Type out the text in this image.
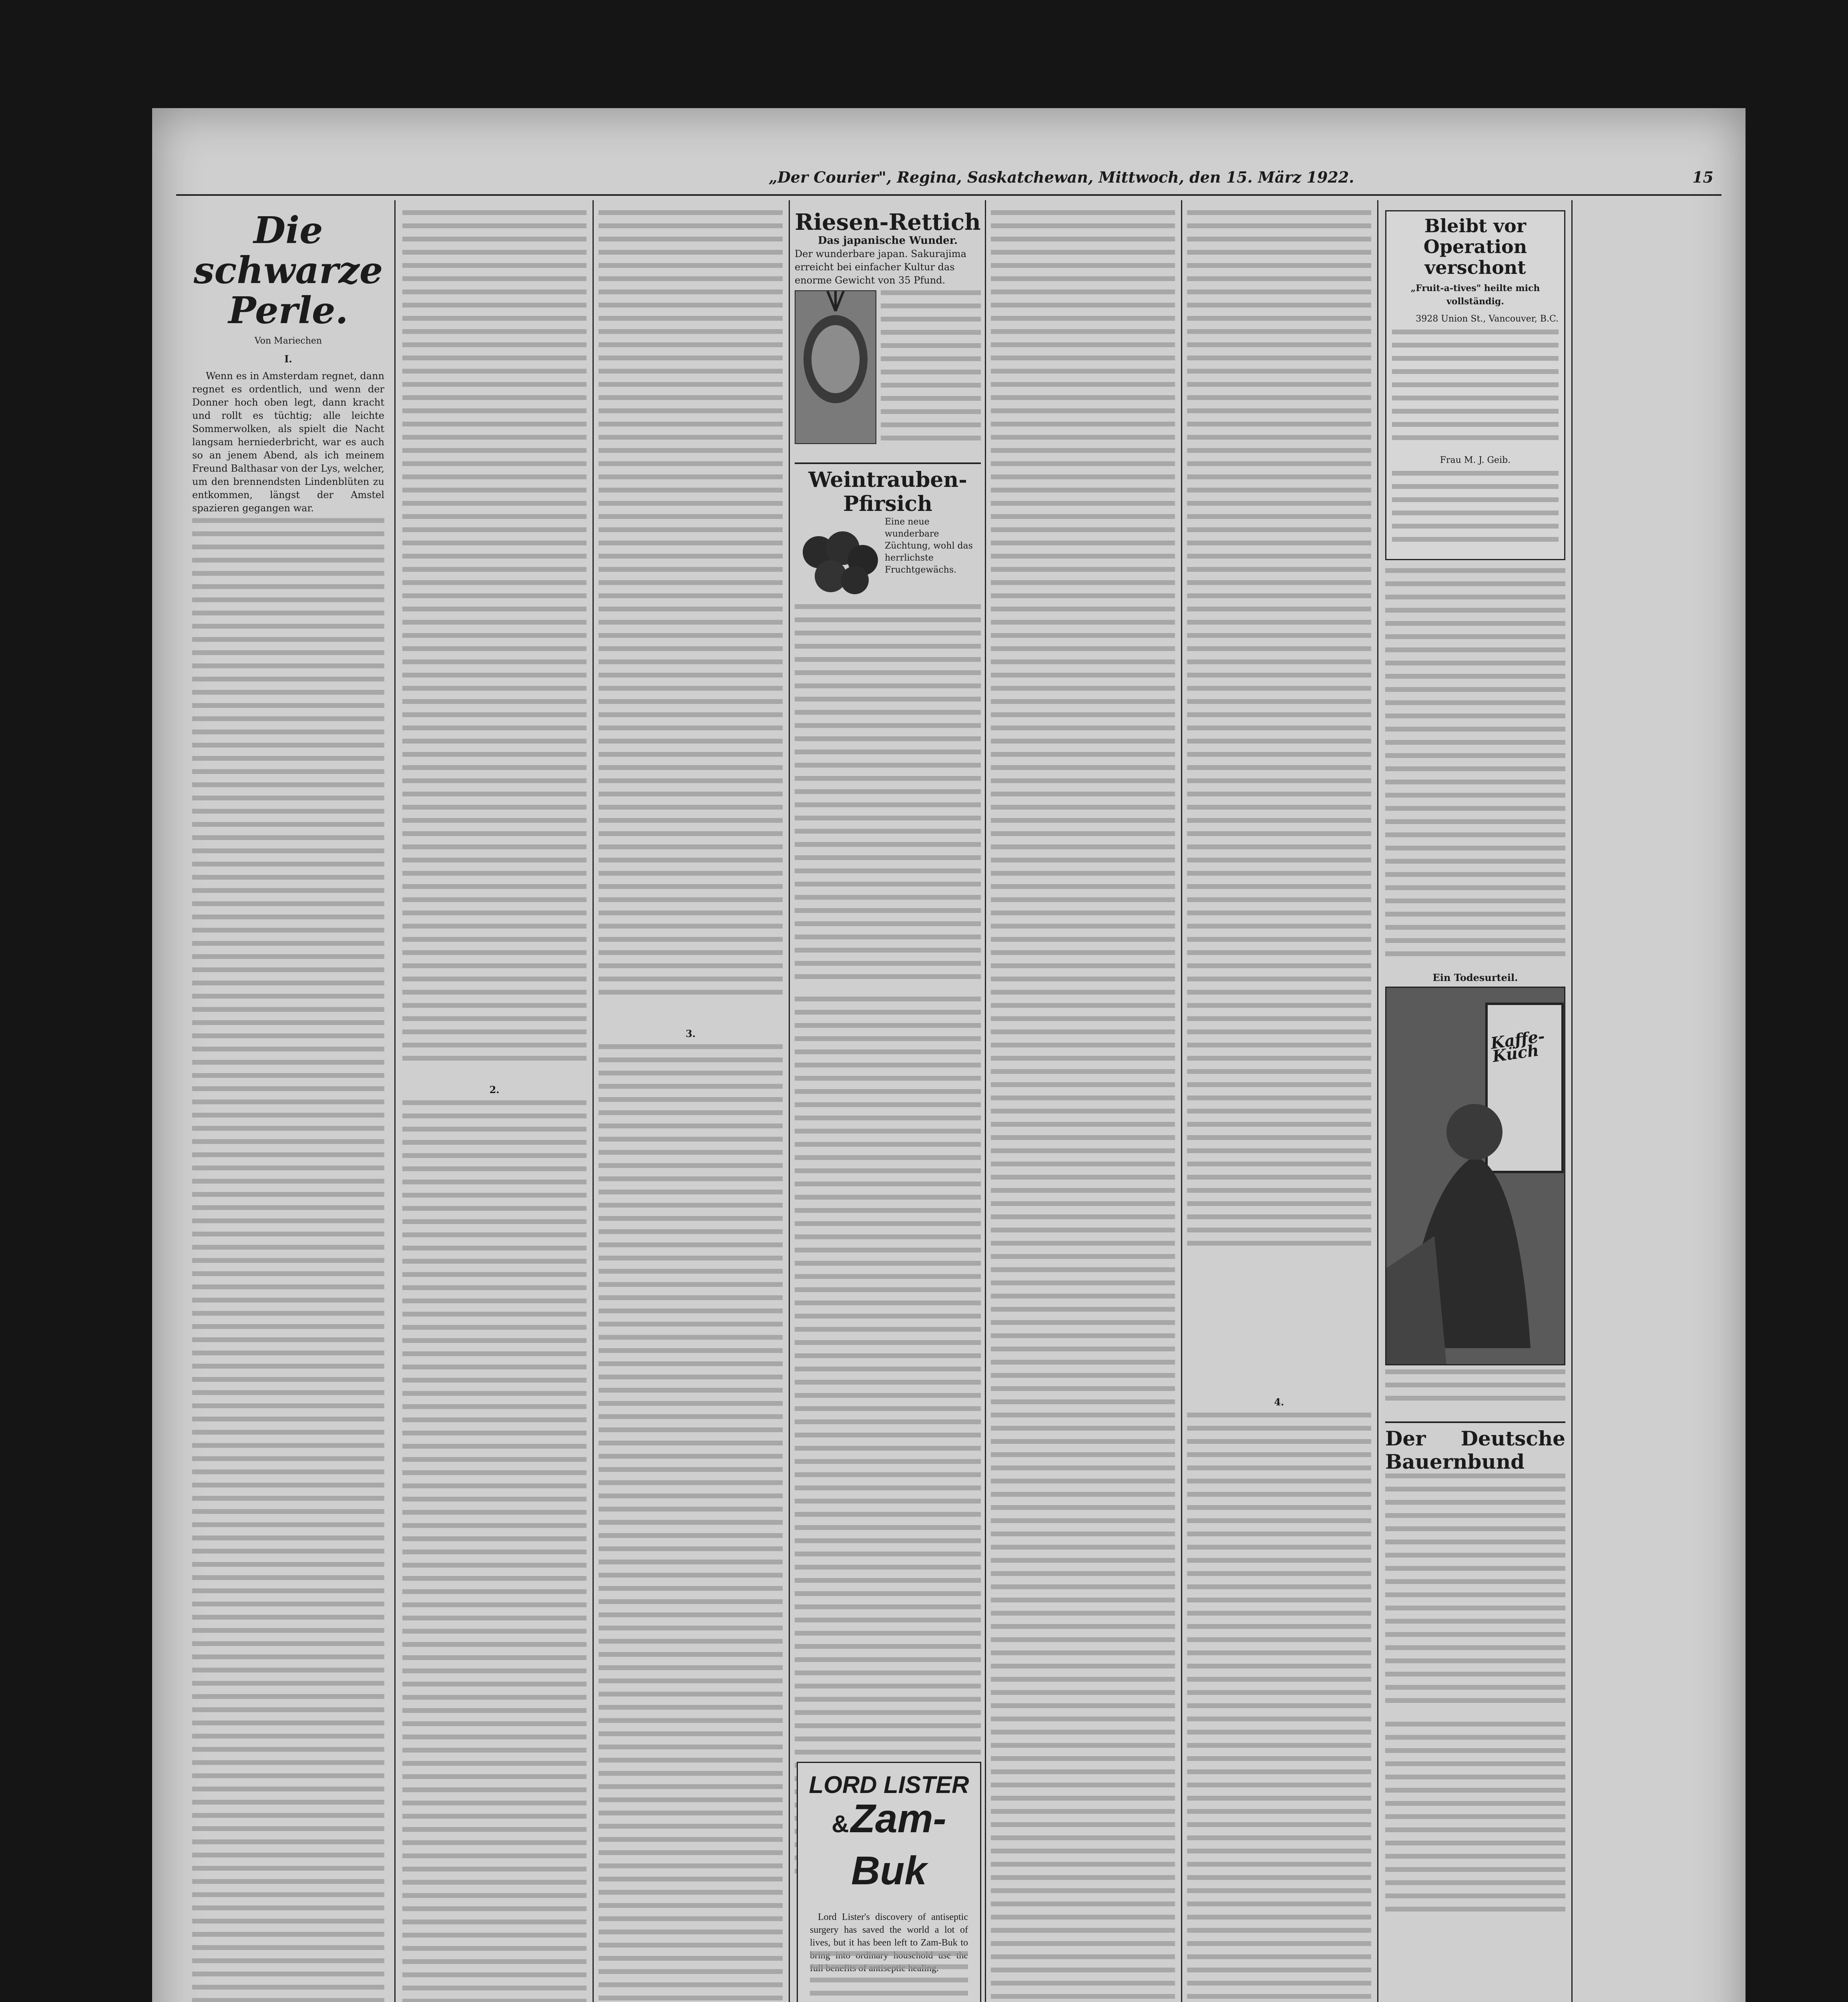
„Der Courier", Regina, Saskatchewan, Mittwoch, den 15. März 1922.	15
Die schwarze Perle.
Von Mariechen
I.

Wenn es in Amsterdam regnet, dann regnet es ordentlich, und wenn der Donner hoch oben legt, dann kracht und rollt es tüchtig; alle leichte Sommerwolken, als spielt die Nacht langsam herniederbricht, war es auch so an jenem Abend, als ich meinem Freund Balthasar von der Lys, welcher, um den brennendsten Lindenblüten zu entkommen, längst der Amstel spazieren gegangen war.

2.
3.
Riesen-Rettich
Das japanische Wunder.

Der wunderbare japan. Sakurajima erreicht bei einfacher Kultur das enorme Gewicht von 35 Pfund.

Weintrauben-Pfirsich

Eine neue wunderbare Züchtung, wohl das herrlichste Fruchtgewächs.

LORD LISTER
& Zam-Buk

Lord Lister's discovery of antiseptic surgery has saved the world a lot of lives, but it has been left to Zam-Buk to

4.
Bleibt vor Operation verschont
„Fruit-a-tives" heilte mich vollständig.
3928 Union St., Vancouver, B.C.
Frau M. J. Geib.
Ein Todesurteil.
Kaffe-Küch
Der Deutsche Bauernbund
